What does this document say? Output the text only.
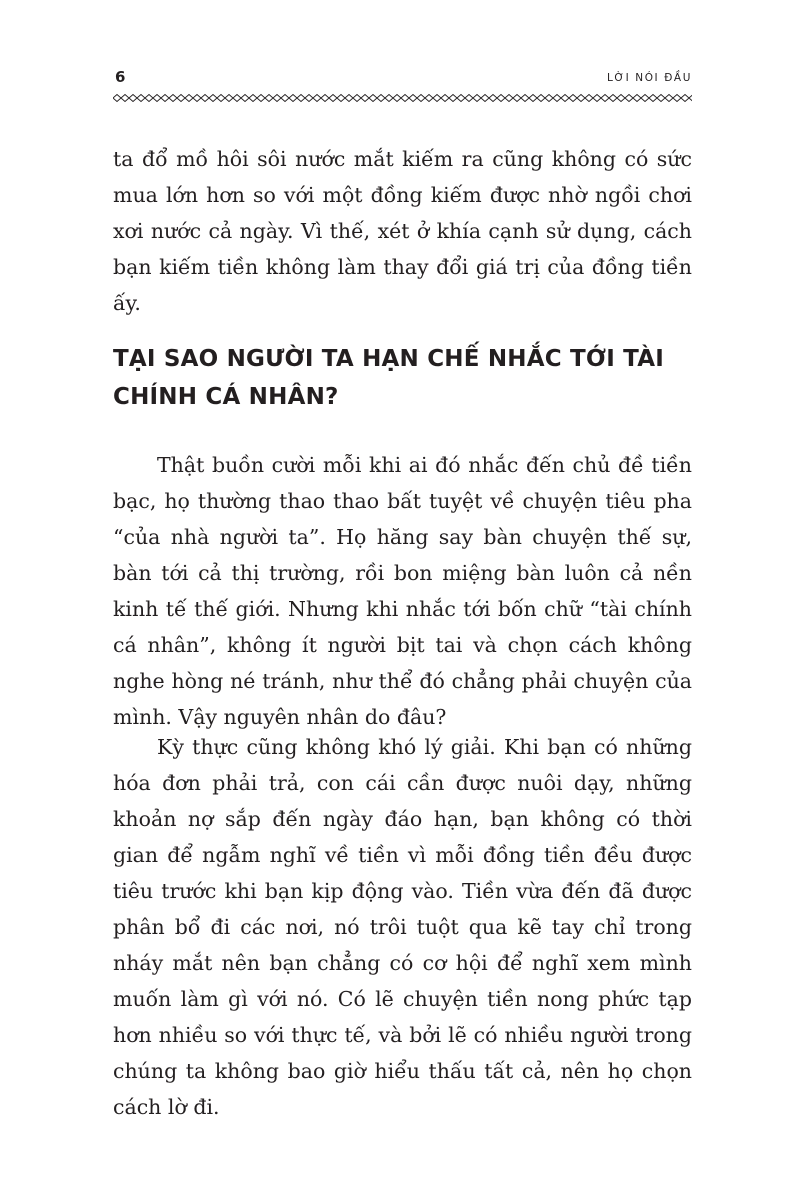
6	LỜI NÓI ĐẦU

ta đổ mồ hôi sôi nước mắt kiếm ra cũng không có sức mua lớn hơn so với một đồng kiếm được nhờ ngồi chơi xơi nước cả ngày. Vì thế, xét ở khía cạnh sử dụng, cách bạn kiếm tiền không làm thay đổi giá trị của đồng tiền ấy.

TẠI SAO NGƯỜI TA HẠN CHẾ NHẮC TỚI TÀI CHÍNH CÁ NHÂN?

Thật buồn cười mỗi khi ai đó nhắc đến chủ đề tiền bạc, họ thường thao thao bất tuyệt về chuyện tiêu pha “của nhà người ta”. Họ hăng say bàn chuyện thế sự, bàn tới cả thị trường, rồi bon miệng bàn luôn cả nền kinh tế thế giới. Nhưng khi nhắc tới bốn chữ “tài chính cá nhân”, không ít người bịt tai và chọn cách không nghe hòng né tránh, như thể đó chẳng phải chuyện của mình. Vậy nguyên nhân do đâu?

Kỳ thực cũng không khó lý giải. Khi bạn có những hóa đơn phải trả, con cái cần được nuôi dạy, những khoản nợ sắp đến ngày đáo hạn, bạn không có thời gian để ngẫm nghĩ về tiền vì mỗi đồng tiền đều được tiêu trước khi bạn kịp động vào. Tiền vừa đến đã được phân bổ đi các nơi, nó trôi tuột qua kẽ tay chỉ trong nháy mắt nên bạn chẳng có cơ hội để nghĩ xem mình muốn làm gì với nó. Có lẽ chuyện tiền nong phức tạp hơn nhiều so với thực tế, và bởi lẽ có nhiều người trong chúng ta không bao giờ hiểu thấu tất cả, nên họ chọn cách lờ đi.
